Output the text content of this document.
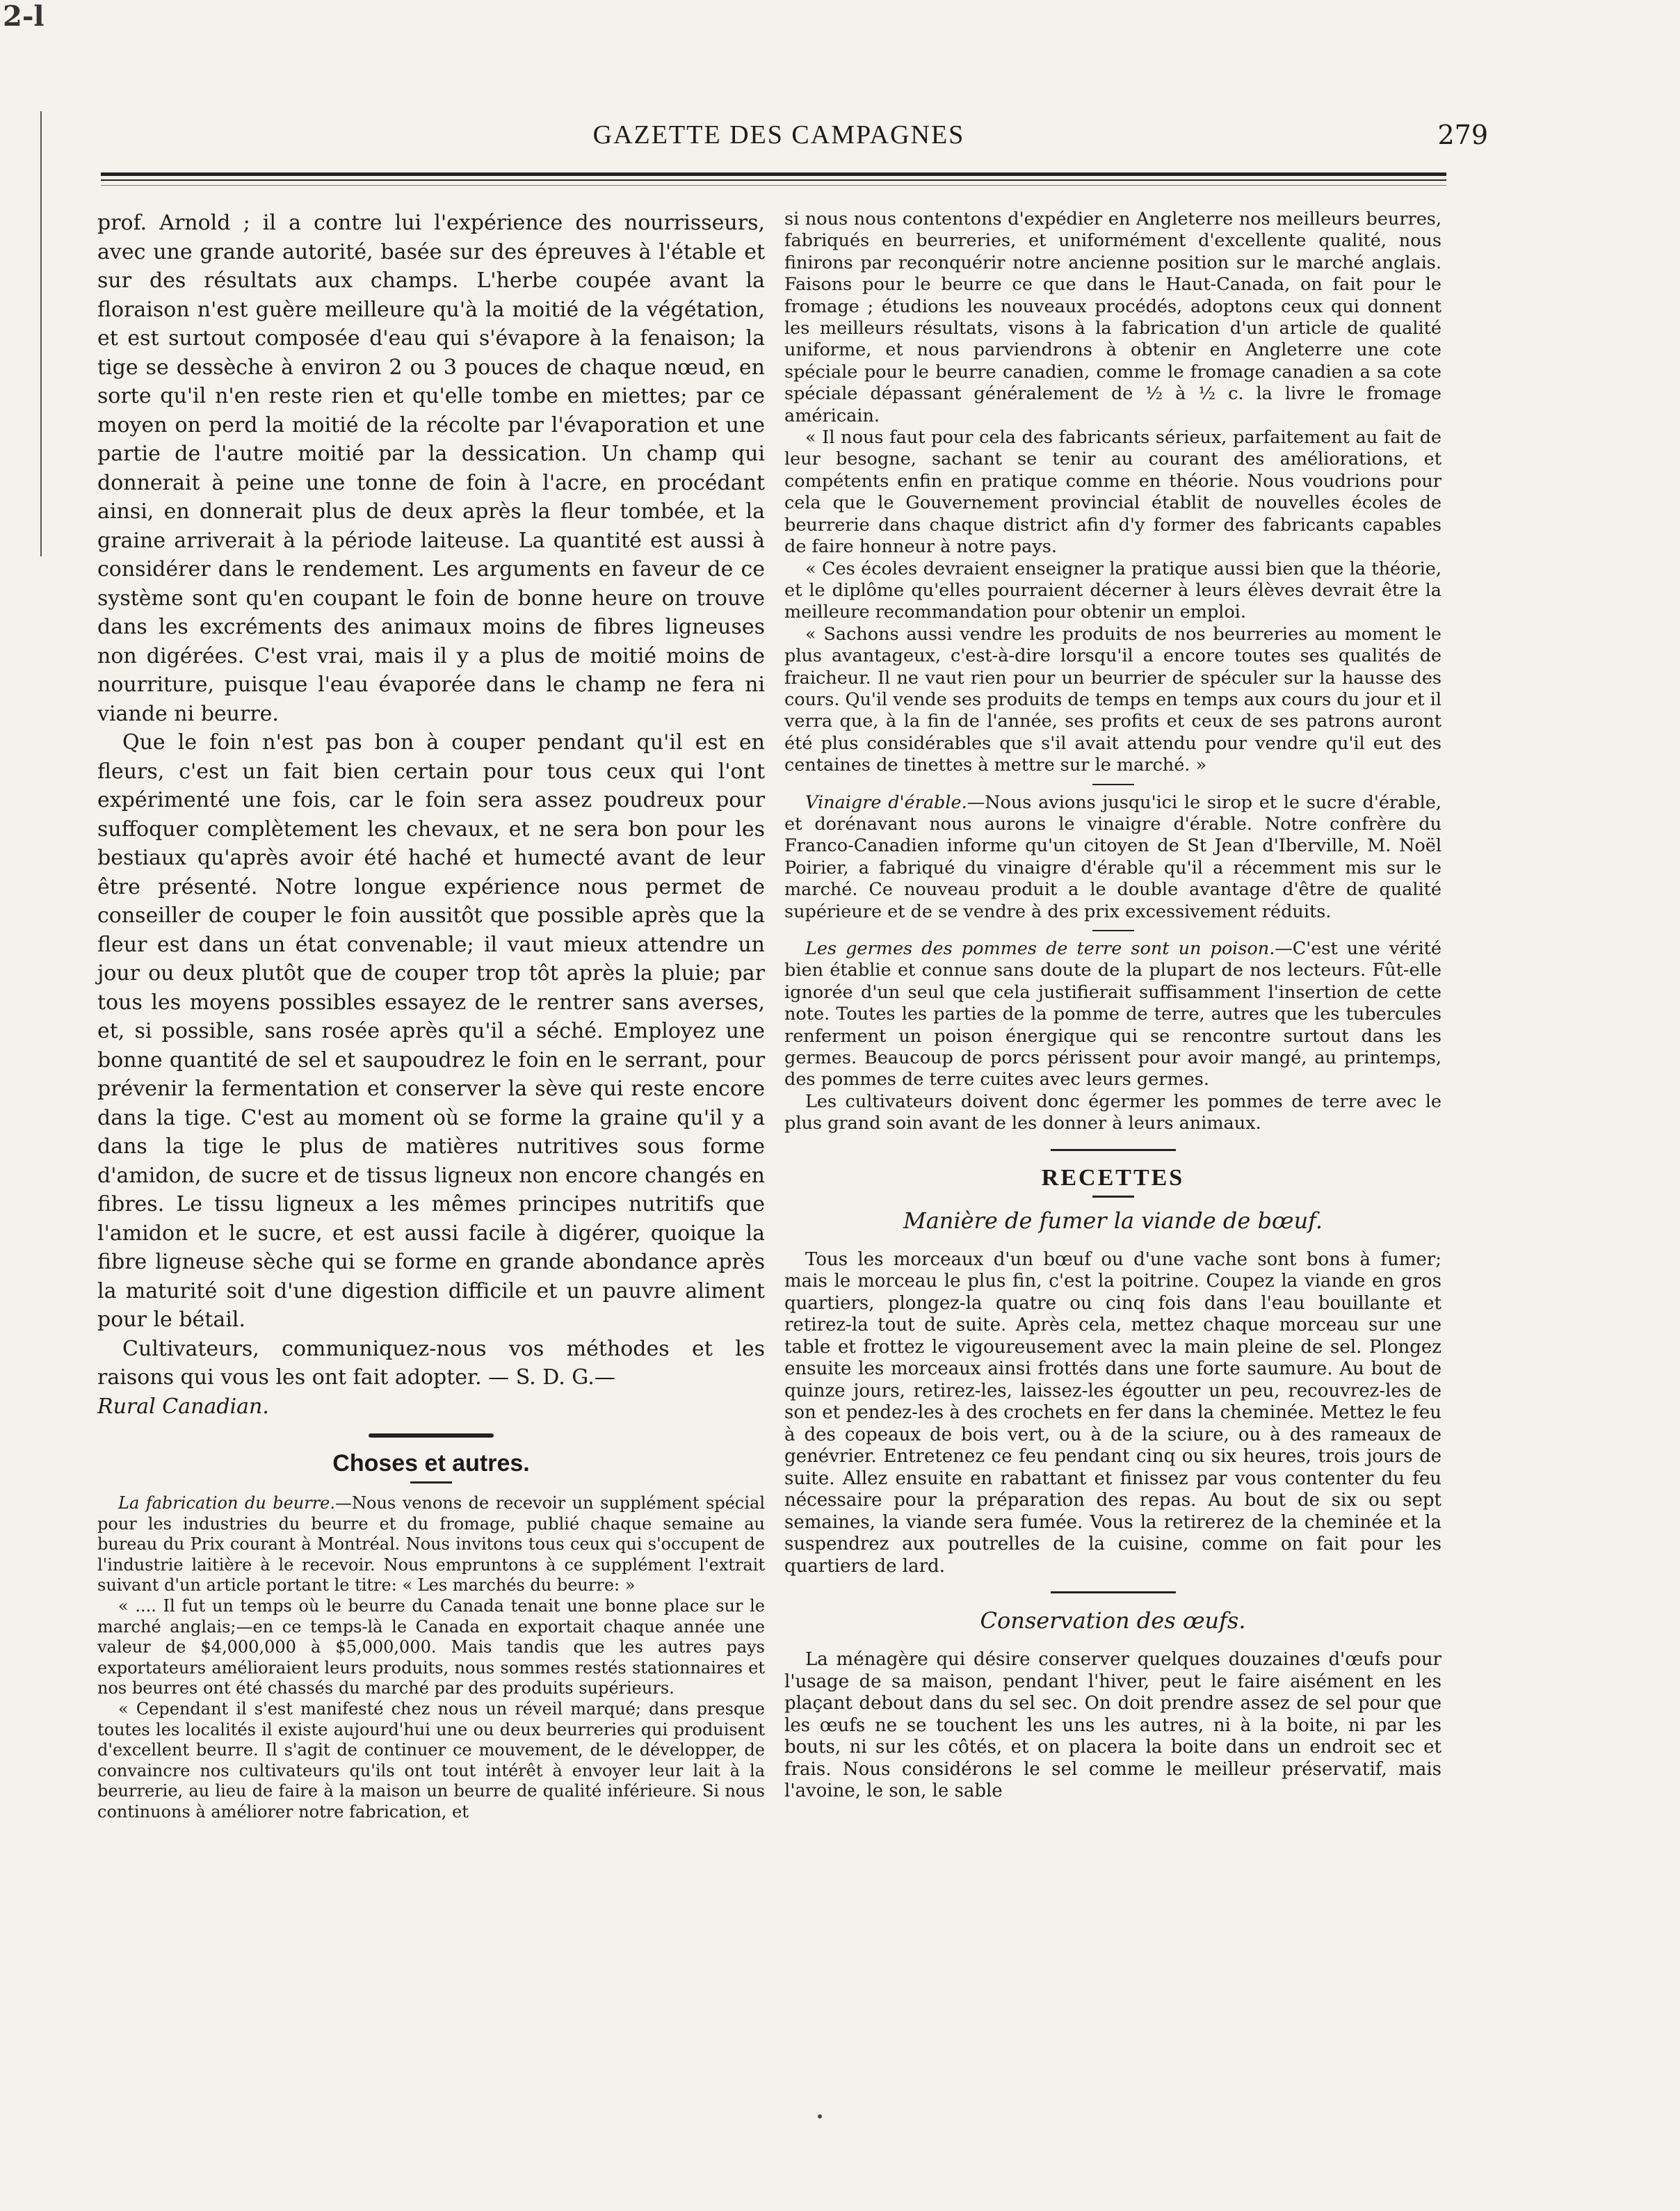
2-l
GAZETTE DES CAMPAGNES	279

prof. Arnold ; il a contre lui l'expérience des nourrisseurs, avec une grande autorité, basée sur des épreuves à l'étable et sur des résultats aux champs. L'herbe coupée avant la floraison n'est guère meilleure qu'à la moitié de la végétation, et est surtout composée d'eau qui s'évapore à la fenaison; la tige se dessèche à environ 2 ou 3 pouces de chaque nœud, en sorte qu'il n'en reste rien et qu'elle tombe en miettes; par ce moyen on perd la moitié de la récolte par l'évaporation et une partie de l'autre moitié par la dessication. Un champ qui donnerait à peine une tonne de foin à l'acre, en procédant ainsi, en donnerait plus de deux après la fleur tombée, et la graine arriverait à la période laiteuse. La quantité est aussi à considérer dans le rendement. Les arguments en faveur de ce système sont qu'en coupant le foin de bonne heure on trouve dans les excréments des animaux moins de fibres ligneuses non digérées. C'est vrai, mais il y a plus de moitié moins de nourriture, puisque l'eau évaporée dans le champ ne fera ni viande ni beurre.

Que le foin n'est pas bon à couper pendant qu'il est en fleurs, c'est un fait bien certain pour tous ceux qui l'ont expérimenté une fois, car le foin sera assez poudreux pour suffoquer complètement les chevaux, et ne sera bon pour les bestiaux qu'après avoir été haché et humecté avant de leur être présenté. Notre longue expérience nous permet de conseiller de couper le foin aussitôt que possible après que la fleur est dans un état convenable; il vaut mieux attendre un jour ou deux plutôt que de couper trop tôt après la pluie; par tous les moyens possibles essayez de le rentrer sans averses, et, si possible, sans rosée après qu'il a séché. Employez une bonne quantité de sel et saupoudrez le foin en le serrant, pour prévenir la fermentation et conserver la sève qui reste encore dans la tige. C'est au moment où se forme la graine qu'il y a dans la tige le plus de matières nutritives sous forme d'amidon, de sucre et de tissus ligneux non encore changés en fibres. Le tissu ligneux a les mêmes principes nutritifs que l'amidon et le sucre, et est aussi facile à digérer, quoique la fibre ligneuse sèche qui se forme en grande abondance après la maturité soit d'une digestion difficile et un pauvre aliment pour le bétail.

Cultivateurs, communiquez-nous vos méthodes et les raisons qui vous les ont fait adopter. — S. D. G.—

Rural Canadian.
Choses et autres.

La fabrication du beurre.—Nous venons de recevoir un supplément spécial pour les industries du beurre et du fromage, publié chaque semaine au bureau du Prix courant à Montréal. Nous invitons tous ceux qui s'occupent de l'industrie laitière à le recevoir. Nous empruntons à ce supplément l'extrait suivant d'un article portant le titre: « Les marchés du beurre: »

« .... Il fut un temps où le beurre du Canada tenait une bonne place sur le marché anglais;—en ce temps-là le Canada en exportait chaque année une valeur de $4,000,000 à $5,000,000. Mais tandis que les autres pays exportateurs amélioraient leurs produits, nous sommes restés stationnaires et nos beurres ont été chassés du marché par des produits supérieurs.

« Cependant il s'est manifesté chez nous un réveil marqué; dans presque toutes les localités il existe aujourd'hui une ou deux beurreries qui produisent d'excellent beurre. Il s'agit de continuer ce mouvement, de le développer, de convaincre nos cultivateurs qu'ils ont tout intérêt à envoyer leur lait à la beurrerie, au lieu de faire à la maison un beurre de qualité inférieure. Si nous continuons à améliorer notre fabrication, et

si nous nous contentons d'expédier en Angleterre nos meilleurs beurres, fabriqués en beurreries, et uniformément d'excellente qualité, nous finirons par reconquérir notre ancienne position sur le marché anglais. Faisons pour le beurre ce que dans le Haut-Canada, on fait pour le fromage ; étudions les nouveaux procédés, adoptons ceux qui donnent les meilleurs résultats, visons à la fabrication d'un article de qualité uniforme, et nous parviendrons à obtenir en Angleterre une cote spéciale pour le beurre canadien, comme le fromage canadien a sa cote spéciale dépassant généralement de ½ à ½ c. la livre le fromage américain.

« Il nous faut pour cela des fabricants sérieux, parfaitement au fait de leur besogne, sachant se tenir au courant des améliorations, et compétents enfin en pratique comme en théorie. Nous voudrions pour cela que le Gouvernement provincial établit de nouvelles écoles de beurrerie dans chaque district afin d'y former des fabricants capables de faire honneur à notre pays.

« Ces écoles devraient enseigner la pratique aussi bien que la théorie, et le diplôme qu'elles pourraient décerner à leurs élèves devrait être la meilleure recommandation pour obtenir un emploi.

« Sachons aussi vendre les produits de nos beurreries au moment le plus avantageux, c'est-à-dire lorsqu'il a encore toutes ses qualités de fraicheur. Il ne vaut rien pour un beurrier de spéculer sur la hausse des cours. Qu'il vende ses produits de temps en temps aux cours du jour et il verra que, à la fin de l'année, ses profits et ceux de ses patrons auront été plus considérables que s'il avait attendu pour vendre qu'il eut des centaines de tinettes à mettre sur le marché. »

Vinaigre d'érable.—Nous avions jusqu'ici le sirop et le sucre d'érable, et dorénavant nous aurons le vinaigre d'érable. Notre confrère du Franco-Canadien informe qu'un citoyen de St Jean d'Iberville, M. Noël Poirier, a fabriqué du vinaigre d'érable qu'il a récemment mis sur le marché. Ce nouveau produit a le double avantage d'être de qualité supérieure et de se vendre à des prix excessivement réduits.

Les germes des pommes de terre sont un poison.—C'est une vérité bien établie et connue sans doute de la plupart de nos lecteurs. Fût-elle ignorée d'un seul que cela justifierait suffisamment l'insertion de cette note. Toutes les parties de la pomme de terre, autres que les tubercules renferment un poison énergique qui se rencontre surtout dans les germes. Beaucoup de porcs périssent pour avoir mangé, au printemps, des pommes de terre cuites avec leurs germes.

Les cultivateurs doivent donc égermer les pommes de terre avec le plus grand soin avant de les donner à leurs animaux.

RECETTES
Manière de fumer la viande de bœuf.

Tous les morceaux d'un bœuf ou d'une vache sont bons à fumer; mais le morceau le plus fin, c'est la poitrine. Coupez la viande en gros quartiers, plongez-la quatre ou cinq fois dans l'eau bouillante et retirez-la tout de suite. Après cela, mettez chaque morceau sur une table et frottez le vigoureusement avec la main pleine de sel. Plongez ensuite les morceaux ainsi frottés dans une forte saumure. Au bout de quinze jours, retirez-les, laissez-les égoutter un peu, recouvrez-les de son et pendez-les à des crochets en fer dans la cheminée. Mettez le feu à des copeaux de bois vert, ou à de la sciure, ou à des rameaux de genévrier. Entretenez ce feu pendant cinq ou six heures, trois jours de suite. Allez ensuite en rabattant et finissez par vous contenter du feu nécessaire pour la préparation des repas. Au bout de six ou sept semaines, la viande sera fumée. Vous la retirerez de la cheminée et la suspendrez aux poutrelles de la cuisine, comme on fait pour les quartiers de lard.

Conservation des œufs.

La ménagère qui désire conserver quelques douzaines d'œufs pour l'usage de sa maison, pendant l'hiver, peut le faire aisément en les plaçant debout dans du sel sec. On doit prendre assez de sel pour que les œufs ne se touchent les uns les autres, ni à la boite, ni par les bouts, ni sur les côtés, et on placera la boite dans un endroit sec et frais. Nous considérons le sel comme le meilleur préservatif, mais l'avoine, le son, le sable
